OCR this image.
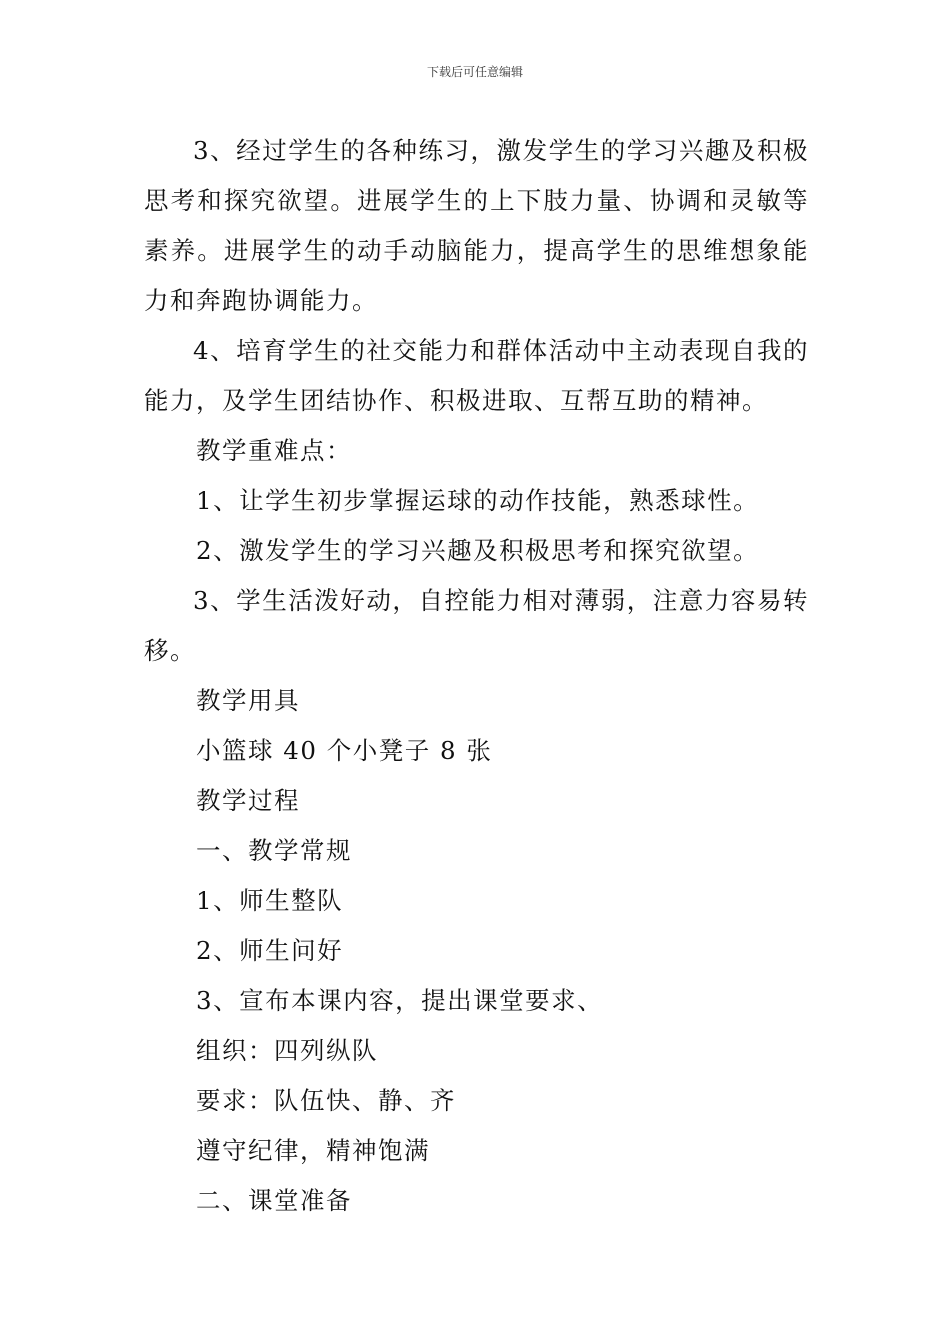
下载后可任意编辑

3、经过学生的各种练习，激发学生的学习兴趣及积极思考和探究欲望。进展学生的上下肢力量、协调和灵敏等素养。进展学生的动手动脑能力，提高学生的思维想象能力和奔跑协调能力。

4、培育学生的社交能力和群体活动中主动表现自我的能力，及学生团结协作、积极进取、互帮互助的精神。

教学重难点：

1、让学生初步掌握运球的动作技能，熟悉球性。

2、激发学生的学习兴趣及积极思考和探究欲望。

3、学生活泼好动，自控能力相对薄弱，注意力容易转移。

教学用具

小篮球 40 个小凳子 8 张

教学过程

一、教学常规

1、师生整队

2、师生问好

3、宣布本课内容，提出课堂要求、

组织：四列纵队

要求：队伍快、静、齐

遵守纪律，精神饱满

二、课堂准备
